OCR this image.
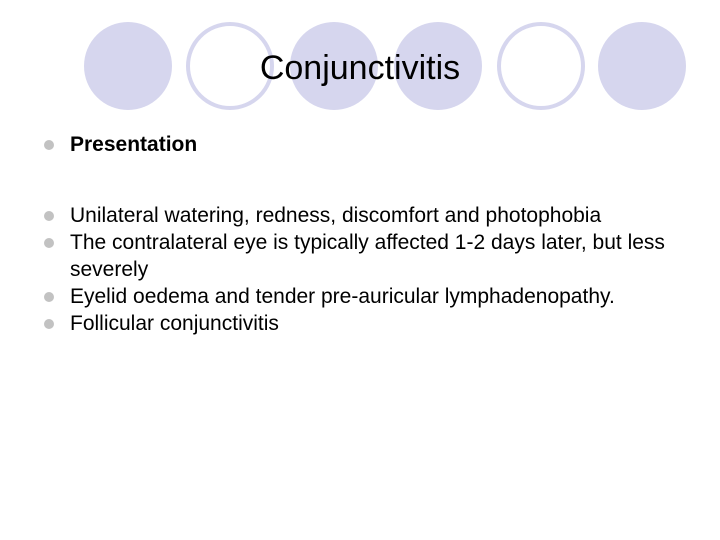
Conjunctivitis
Presentation
Unilateral watering, redness, discomfort and photophobia
The contralateral eye is typically affected 1-2 days later, but less severely
Eyelid oedema and tender pre-auricular lymphadenopathy.
Follicular conjunctivitis
